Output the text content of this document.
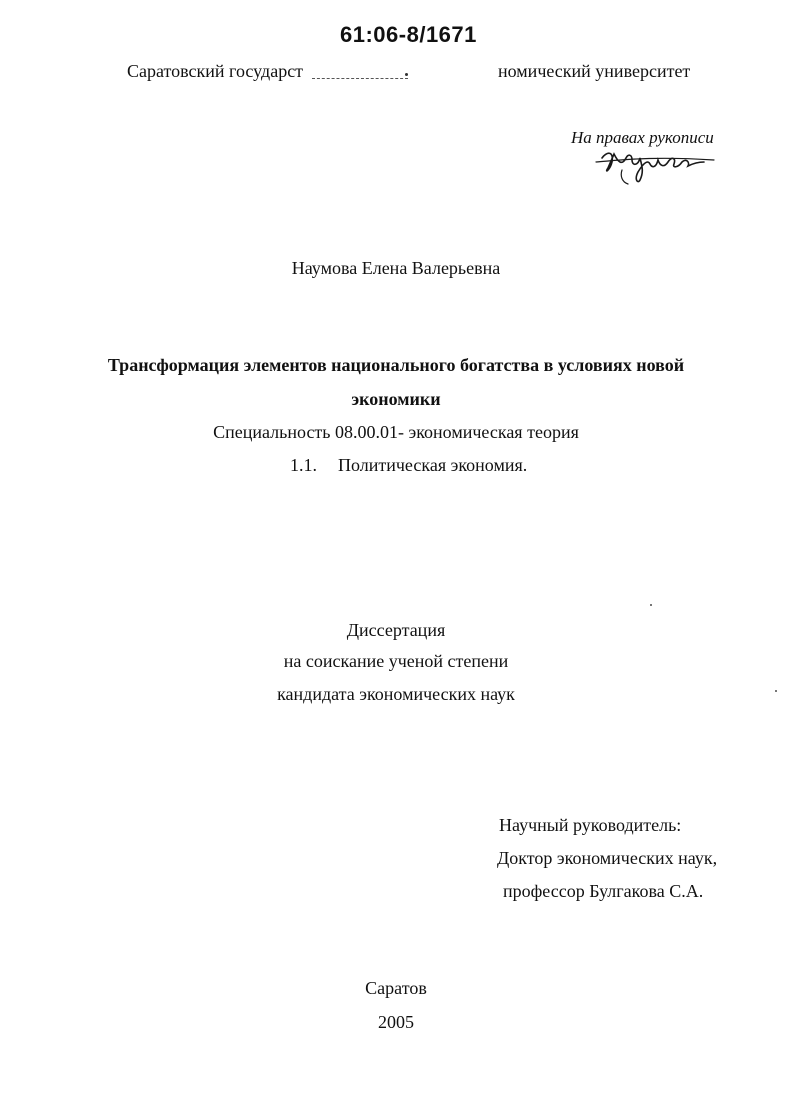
61:06-8/1671
Саратовский государст	номический университет
На правах рукописи
Наумова Елена Валерьевна
Трансформация элементов национального богатства в условиях новой
экономики
Специальность 08.00.01- экономическая теория
1.1. Политическая экономия.
Диссертация
на соискание ученой степени
кандидата экономических наук
Научный руководитель:
Доктор экономических наук,
профессор Булгакова С.А.
Саратов
2005
